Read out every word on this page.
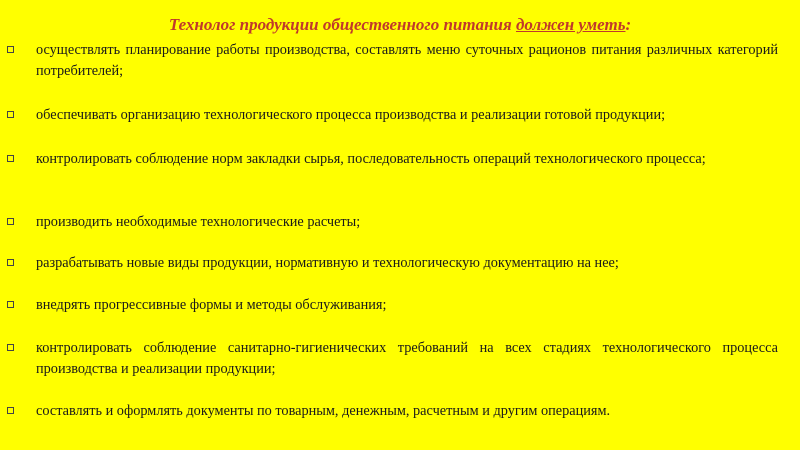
Технолог продукции общественного питания должен уметь:
осуществлять планирование работы производства, составлять меню суточных рационов питания различных категорий потребителей;
обеспечивать организацию технологического процесса производства и реализации готовой продукции;
контролировать соблюдение норм закладки сырья, последовательность операций технологического процесса;
производить необходимые технологические расчеты;
разрабатывать новые виды продукции, нормативную и технологическую документацию на нее;
внедрять прогрессивные формы и методы обслуживания;
контролировать соблюдение санитарно-гигиенических требований на всех стадиях технологического процесса производства и реализации продукции;
составлять и оформлять документы по товарным, денежным, расчетным и другим операциям.
